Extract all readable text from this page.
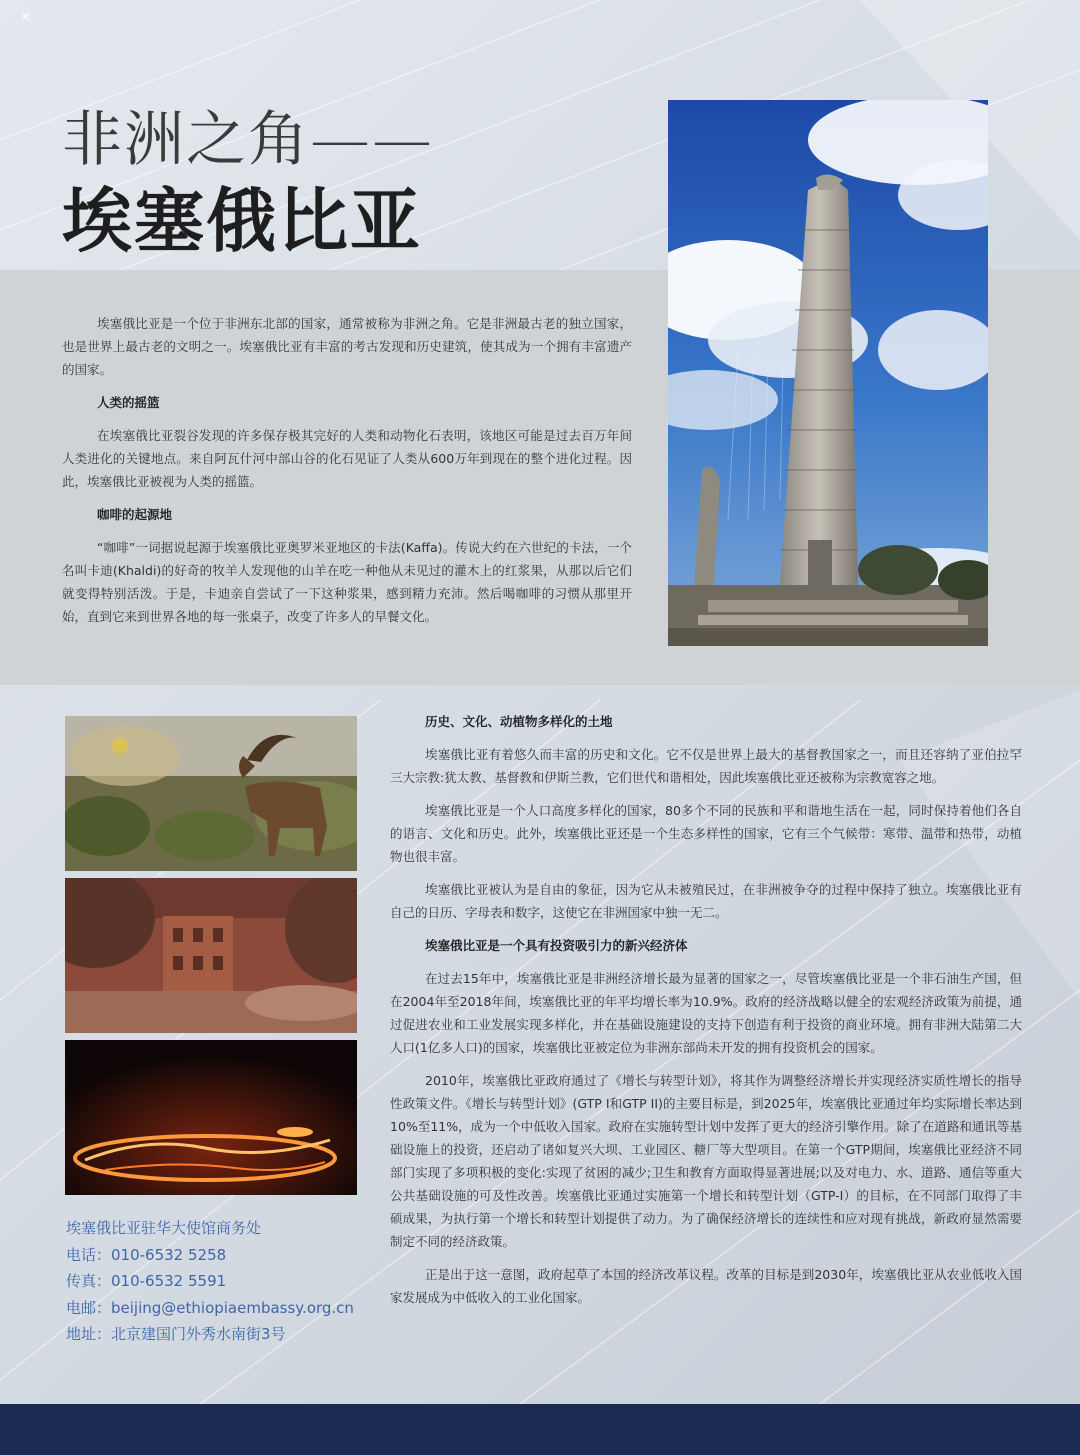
✕
非洲之角——
埃塞俄比亚

埃塞俄比亚是一个位于非洲东北部的国家，通常被称为非洲之角。它是非洲最古老的独立国家，也是世界上最古老的文明之一。埃塞俄比亚有丰富的考古发现和历史建筑，使其成为一个拥有丰富遗产的国家。

人类的摇篮

在埃塞俄比亚裂谷发现的许多保存极其完好的人类和动物化石表明，该地区可能是过去百万年间人类进化的关键地点。来自阿瓦什河中部山谷的化石见证了人类从600万年到现在的整个进化过程。因此，埃塞俄比亚被视为人类的摇篮。

咖啡的起源地

“咖啡”一词据说起源于埃塞俄比亚奥罗米亚地区的卡法(Kaffa)。传说大约在六世纪的卡法，一个名叫卡迪(Khaldi)的好奇的牧羊人发现他的山羊在吃一种他从未见过的灌木上的红浆果，从那以后它们就变得特别活泼。于是，卡迪亲自尝试了一下这种浆果，感到精力充沛。然后喝咖啡的习惯从那里开始，直到它来到世界各地的每一张桌子，改变了许多人的早餐文化。

埃塞俄比亚驻华大使馆商务处
电话：010-6532 5258
传真：010-6532 5591
电邮：beijing@ethiopiaembassy.org.cn
地址：北京建国门外秀水南街3号
历史、文化、动植物多样化的土地

埃塞俄比亚有着悠久而丰富的历史和文化。它不仅是世界上最大的基督教国家之一，而且还容纳了亚伯拉罕三大宗教:犹太教、基督教和伊斯兰教，它们世代和谐相处，因此埃塞俄比亚还被称为宗教宽容之地。

埃塞俄比亚是一个人口高度多样化的国家，80多个不同的民族和平和谐地生活在一起，同时保持着他们各自的语言、文化和历史。此外，埃塞俄比亚还是一个生态多样性的国家，它有三个气候带：寒带、温带和热带，动植物也很丰富。

埃塞俄比亚被认为是自由的象征，因为它从未被殖民过，在非洲被争夺的过程中保持了独立。埃塞俄比亚有自己的日历、字母表和数字，这使它在非洲国家中独一无二。

埃塞俄比亚是一个具有投资吸引力的新兴经济体

在过去15年中，埃塞俄比亚是非洲经济增长最为显著的国家之一，尽管埃塞俄比亚是一个非石油生产国，但在2004年至2018年间，埃塞俄比亚的年平均增长率为10.9%。政府的经济战略以健全的宏观经济政策为前提，通过促进农业和工业发展实现多样化，并在基础设施建设的支持下创造有利于投资的商业环境。拥有非洲大陆第二大人口(1亿多人口)的国家，埃塞俄比亚被定位为非洲东部尚未开发的拥有投资机会的国家。

2010年，埃塞俄比亚政府通过了《增长与转型计划》，将其作为调整经济增长并实现经济实质性增长的指导性政策文件。《增长与转型计划》(GTP I和GTP II)的主要目标是，到2025年，埃塞俄比亚通过年均实际增长率达到10%至11%，成为一个中低收入国家。政府在实施转型计划中发挥了更大的经济引擎作用。除了在道路和通讯等基础设施上的投资，还启动了诸如复兴大坝、工业园区、糖厂等大型项目。在第一个GTP期间，埃塞俄比亚经济不同部门实现了多项积极的变化:实现了贫困的减少;卫生和教育方面取得显著进展;以及对电力、水、道路、通信等重大公共基础设施的可及性改善。埃塞俄比亚通过实施第一个增长和转型计划（GTP-I）的目标，在不同部门取得了丰硕成果，为执行第一个增长和转型计划提供了动力。为了确保经济增长的连续性和应对现有挑战，新政府显然需要制定不同的经济政策。

正是出于这一意图，政府起草了本国的经济改革议程。改革的目标是到2030年，埃塞俄比亚从农业低收入国家发展成为中低收入的工业化国家。
